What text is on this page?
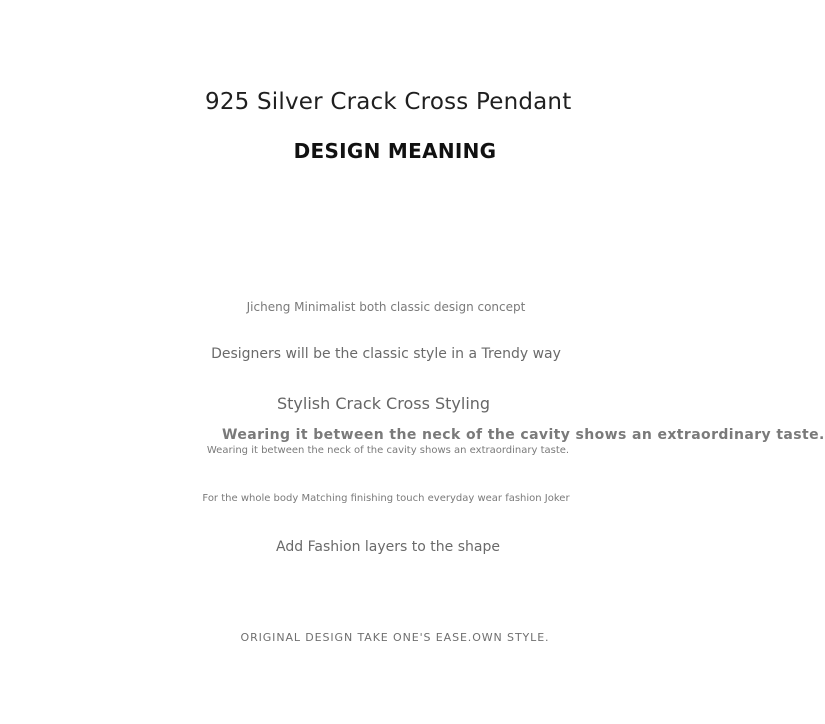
925 Silver Crack Cross Pendant
DESIGN MEANING
Jicheng Minimalist both classic design concept
Designers will be the classic style in a Trendy way
Stylish Crack Cross Styling
Wearing it between the neck of the cavity shows an extraordinary taste.
Wearing it between the neck of the cavity shows an extraordinary taste.
For the whole body Matching finishing touch everyday wear fashion Joker
Add Fashion layers to the shape
ORIGINAL DESIGN TAKE ONE'S EASE.OWN STYLE.
